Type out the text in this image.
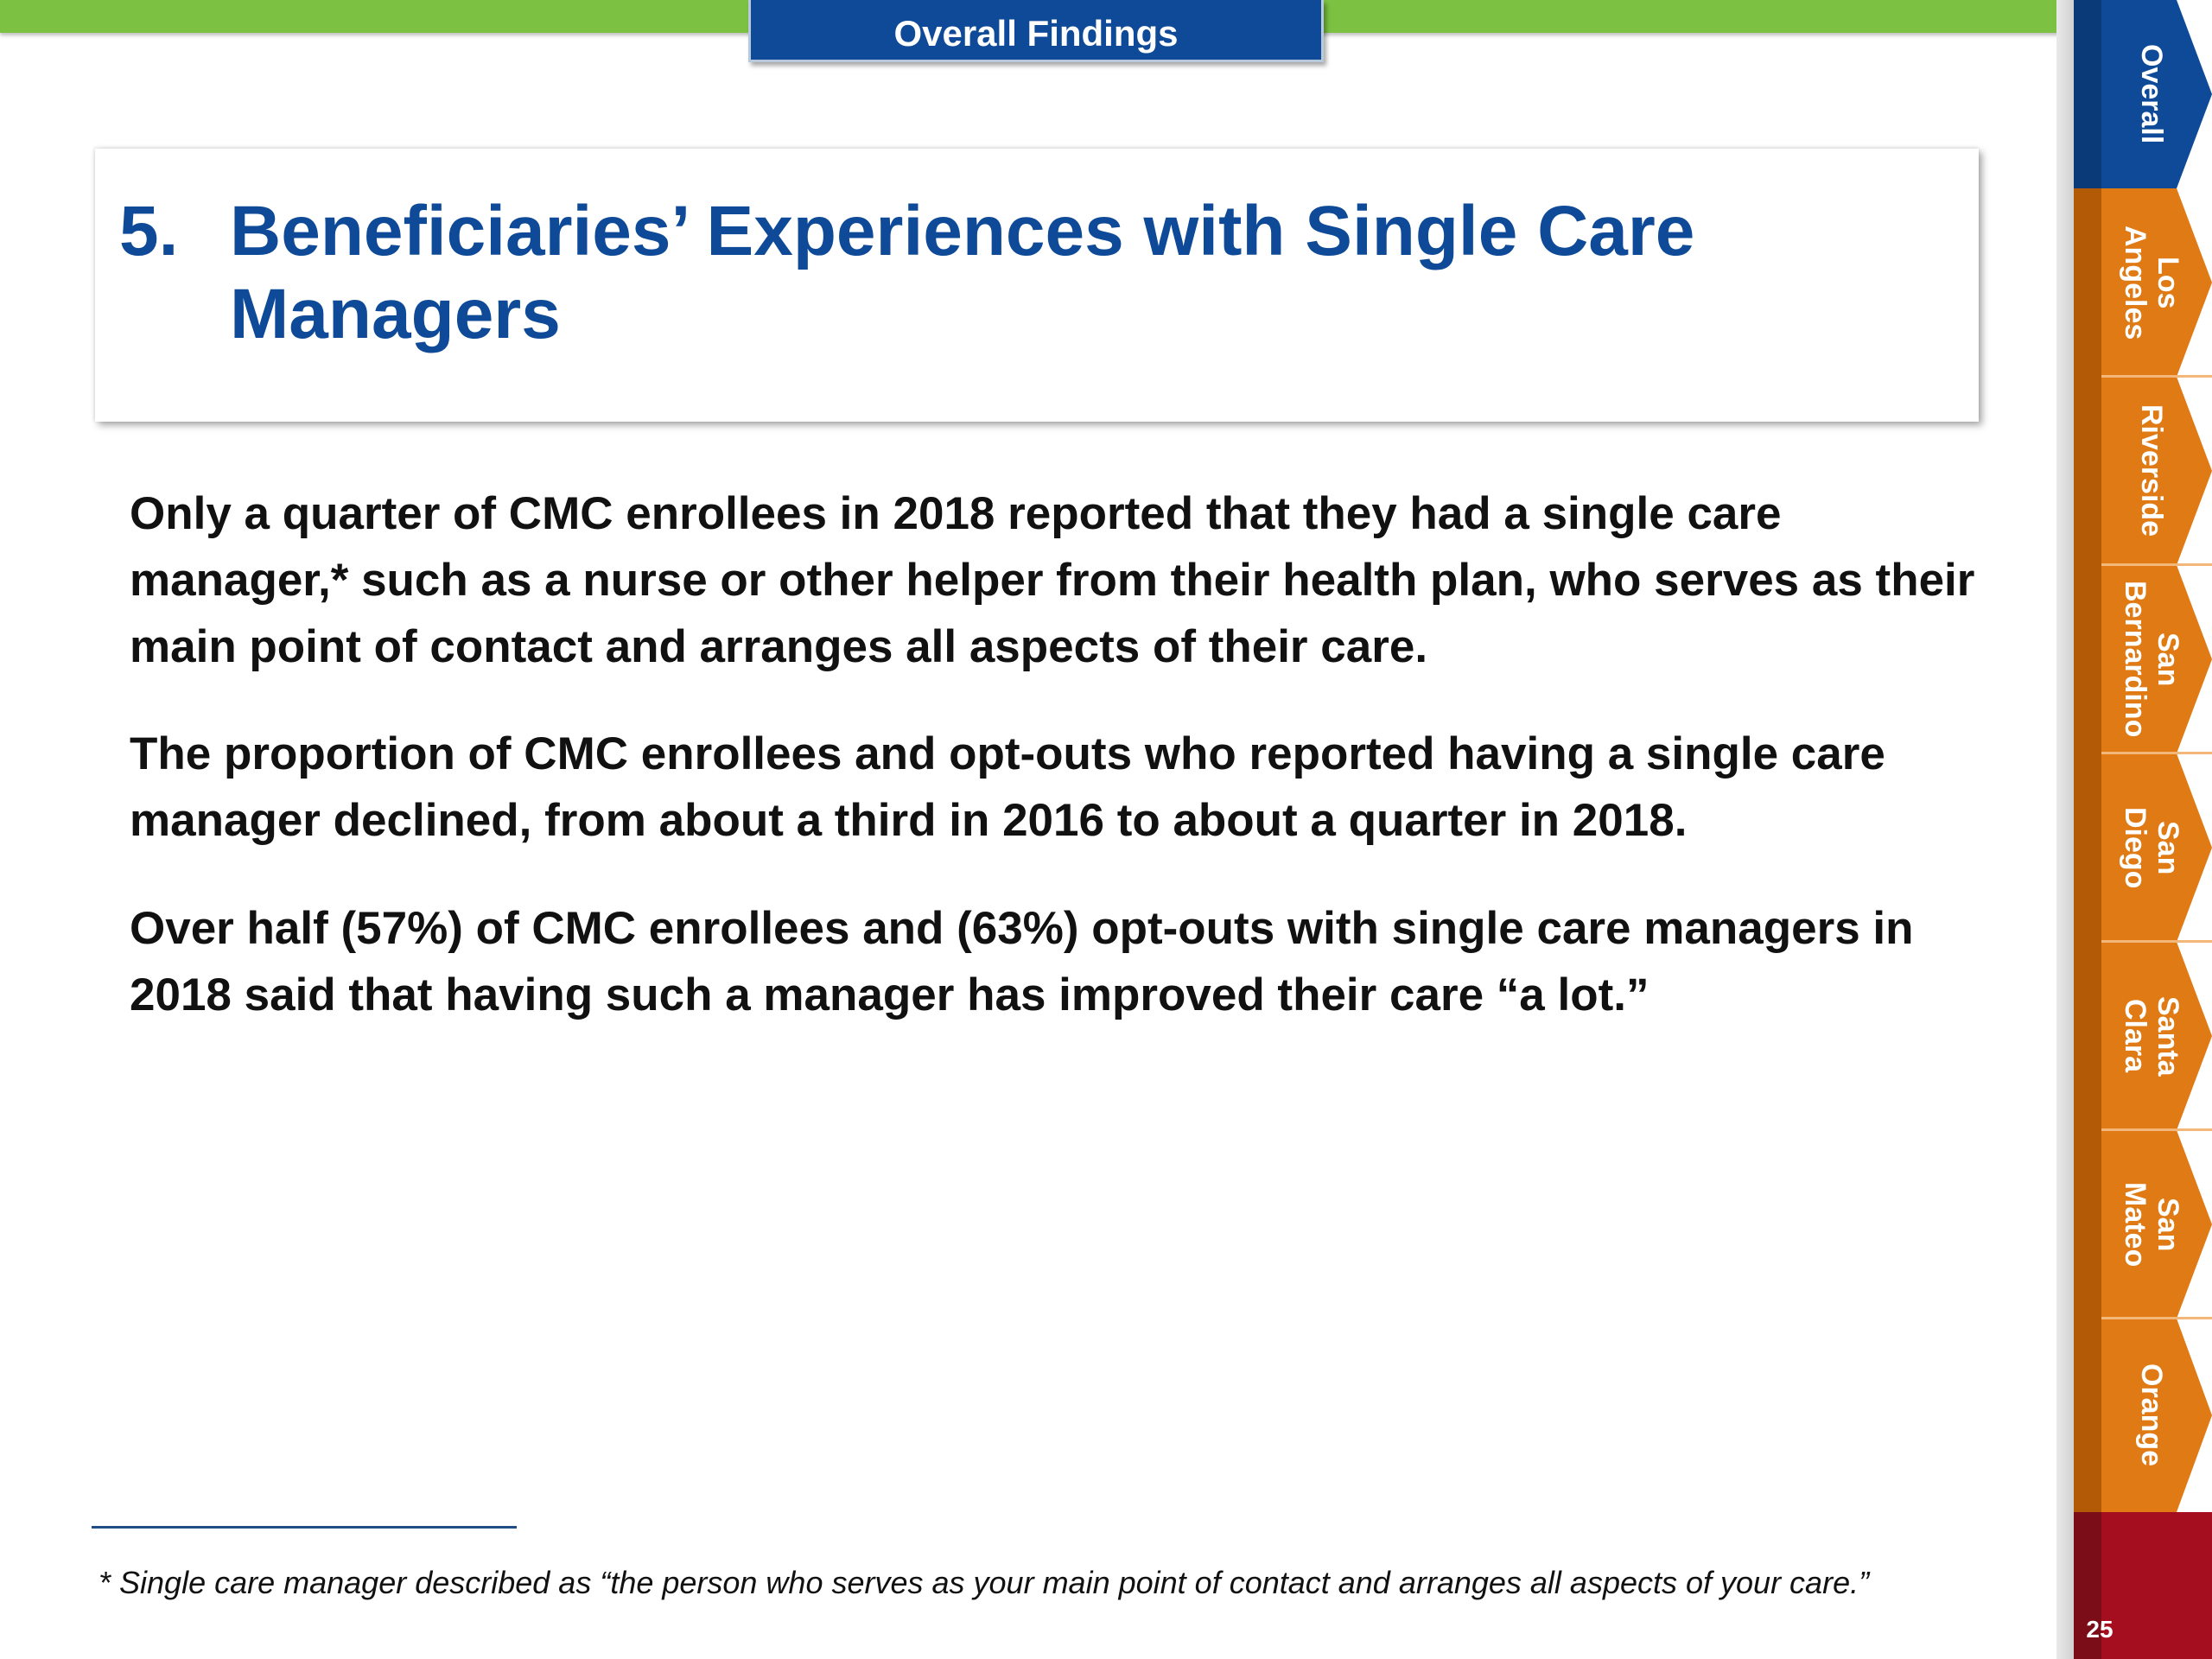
Overall Findings
5. Beneficiaries’ Experiences with Single Care Managers

Only a quarter of CMC enrollees in 2018 reported that they had a single care manager,* such as a nurse or other helper from their health plan, who serves as their main point of contact and arranges all aspects of their care.

The proportion of CMC enrollees and opt-outs who reported having a single care manager declined, from about a third in 2016 to about a quarter in 2018.

Over half (57%) of CMC enrollees and (63%) opt-outs with single care managers in 2018 said that having such a manager has improved their care “a lot.”

* Single care manager described as “the person who serves as your main point of contact and arranges all aspects of your care.”
Overall
Los
Angeles
Riverside
San
Bernardino
San
Diego
Santa
Clara
San
Mateo
Orange
25
